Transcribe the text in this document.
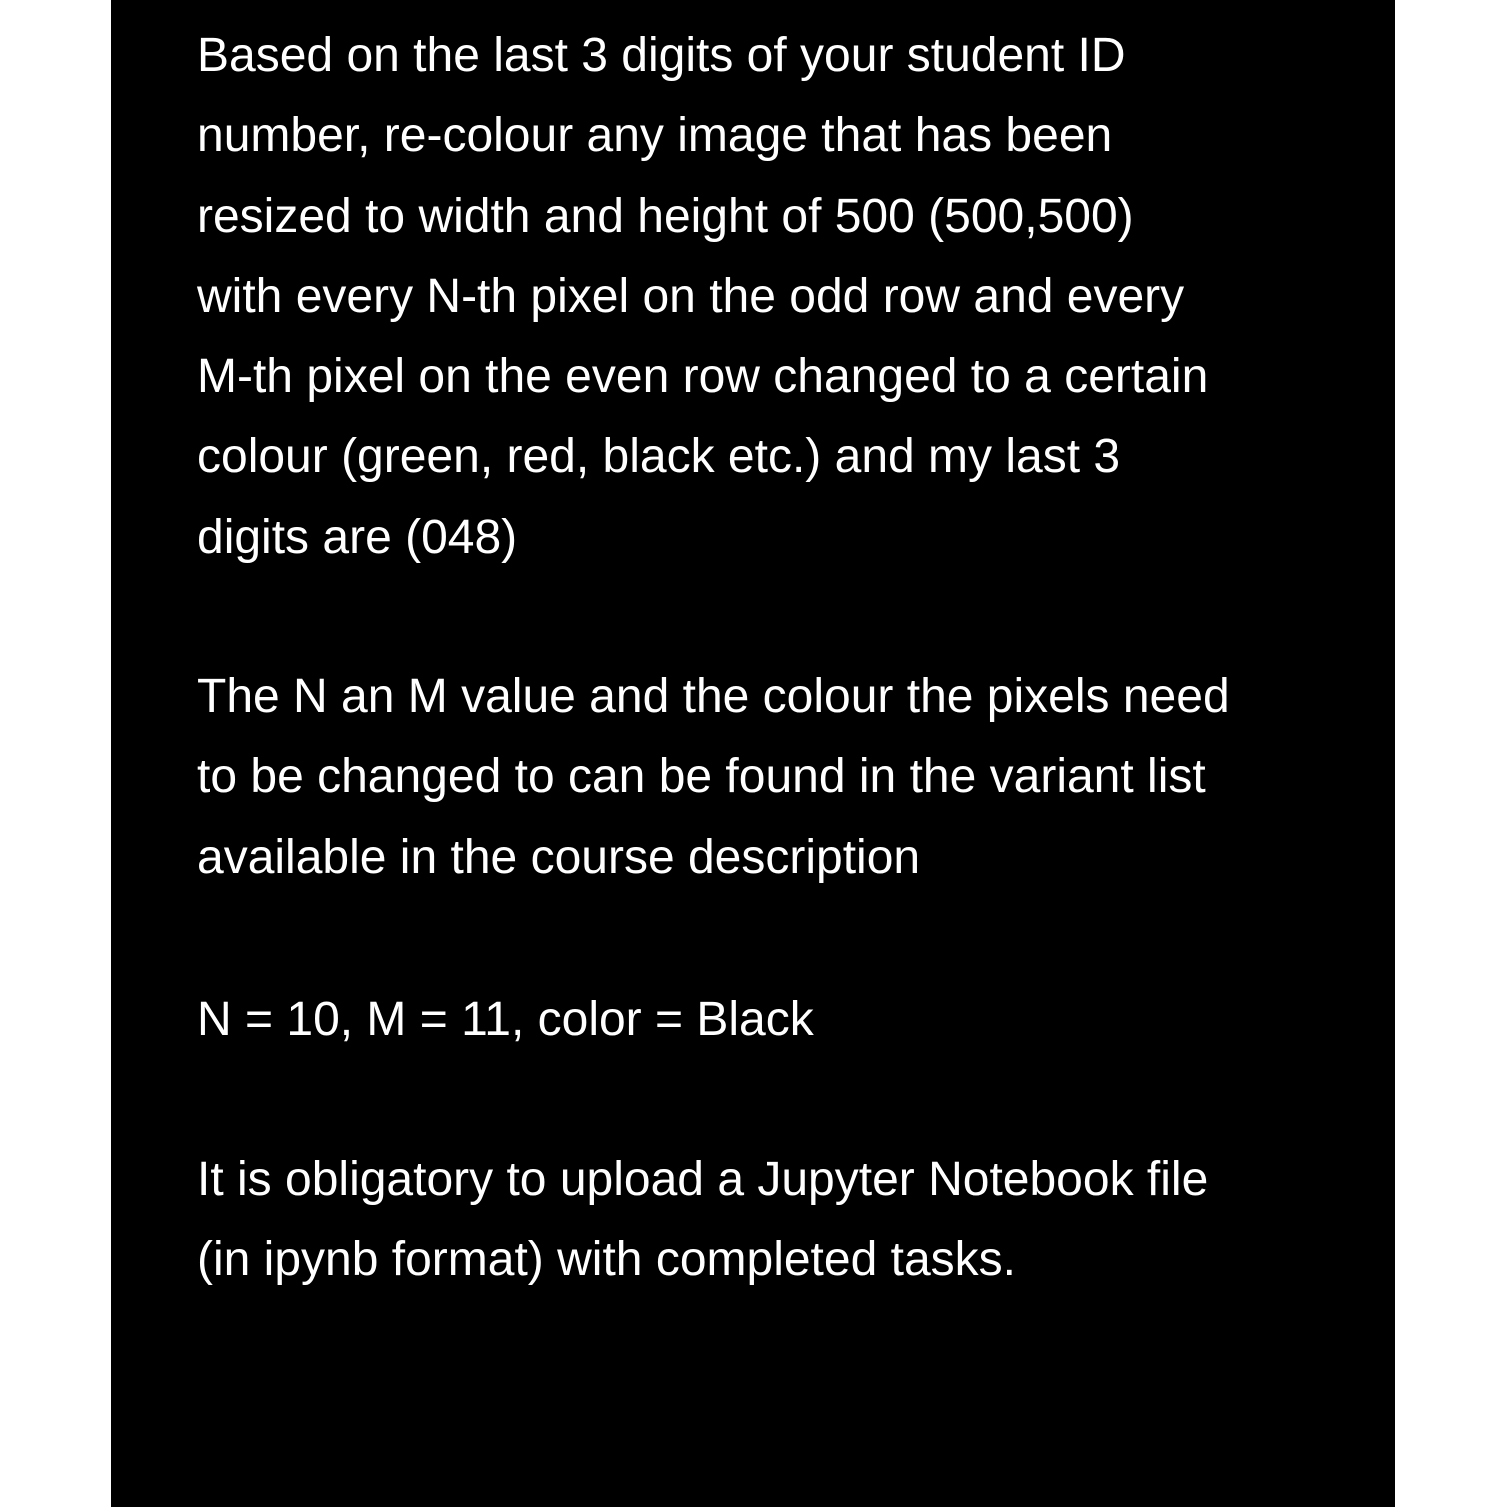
Based on the last 3 digits of your student ID
number, re-colour any image that has been
resized to width and height of 500 (500,500)
with every N-th pixel on the odd row and every
M-th pixel on the even row changed to a certain
colour (green, red, black etc.) and my last 3
digits are (048)

The N an M value and the colour the pixels need
to be changed to can be found in the variant list
available in the course description

N = 10, M = 11, color = Black

It is obligatory to upload a Jupyter Notebook file
(in ipynb format) with completed tasks.
